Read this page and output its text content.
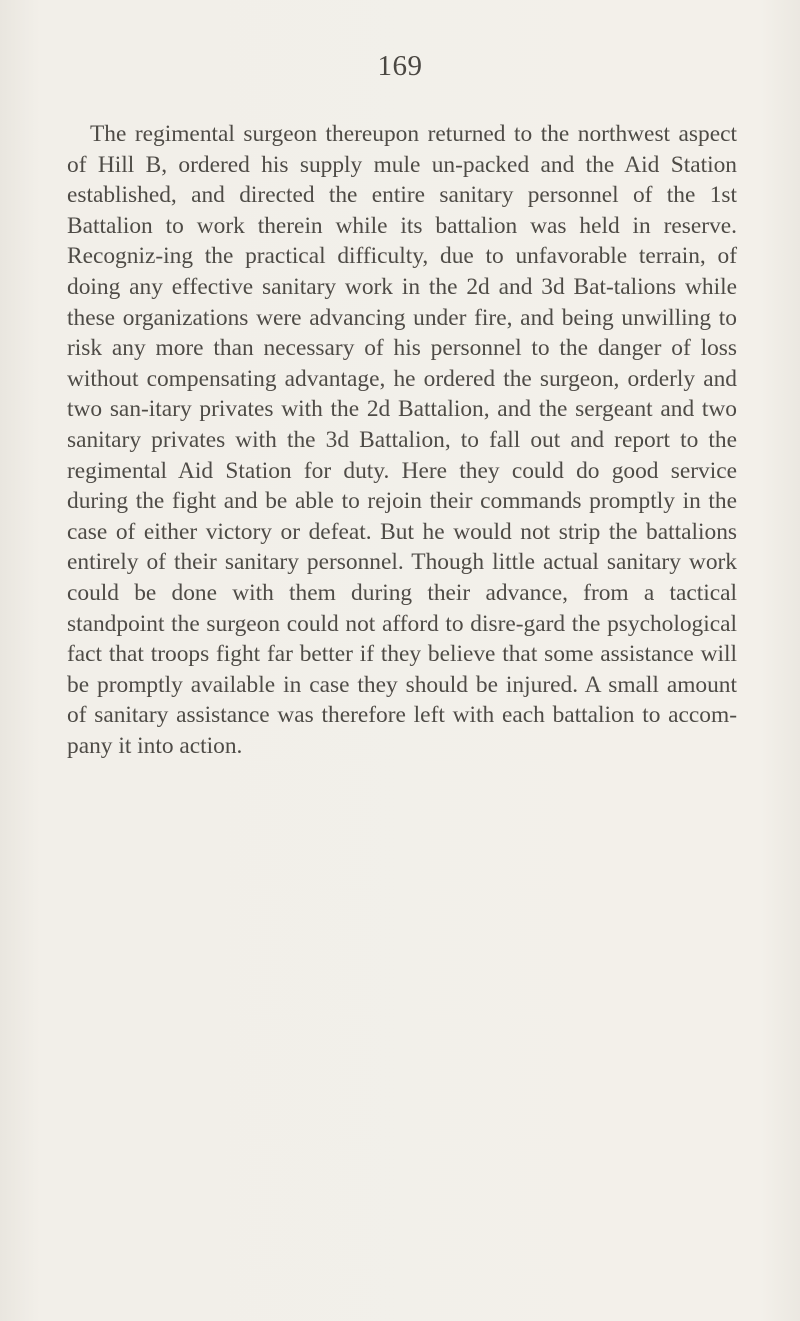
169

The regimental surgeon thereupon returned to the northwest aspect of Hill B, ordered his supply mule un-packed and the Aid Station established, and directed the entire sanitary personnel of the 1st Battalion to work therein while its battalion was held in reserve. Recogniz-ing the practical difficulty, due to unfavorable terrain, of doing any effective sanitary work in the 2d and 3d Bat-talions while these organizations were advancing under fire, and being unwilling to risk any more than necessary of his personnel to the danger of loss without compensating advantage, he ordered the surgeon, orderly and two san-itary privates with the 2d Battalion, and the sergeant and two sanitary privates with the 3d Battalion, to fall out and report to the regimental Aid Station for duty. Here they could do good service during the fight and be able to rejoin their commands promptly in the case of either victory or defeat. But he would not strip the battalions entirely of their sanitary personnel. Though little actual sanitary work could be done with them during their advance, from a tactical standpoint the surgeon could not afford to disre-gard the psychological fact that troops fight far better if they believe that some assistance will be promptly available in case they should be injured. A small amount of sanitary assistance was therefore left with each battalion to accom-pany it into action.
